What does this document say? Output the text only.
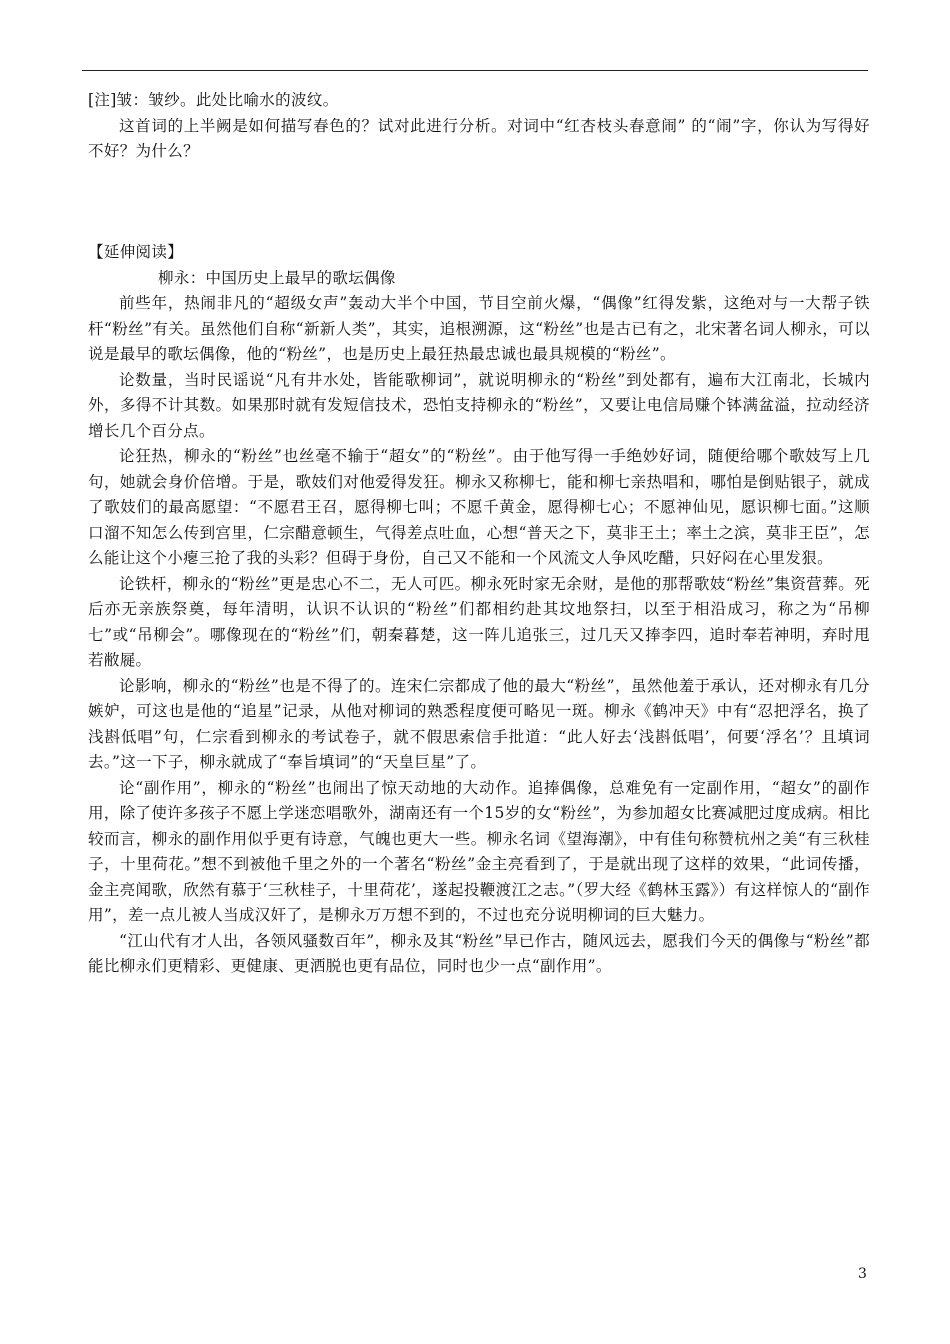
[注]皱：皱纱。此处比喻水的波纹。

这首词的上半阙是如何描写春色的？试对此进行分析。对词中“红杏枝头春意闹” 的“闹”字，你认为写得好不好？为什么？

【延伸阅读】

柳永：中国历史上最早的歌坛偶像

前些年，热闹非凡的“超级女声”轰动大半个中国，节目空前火爆，“偶像”红得发紫，这绝对与一大帮子铁杆“粉丝”有关。虽然他们自称“新新人类”，其实，追根溯源，这“粉丝”也是古已有之，北宋著名词人柳永，可以说是最早的歌坛偶像，他的“粉丝”，也是历史上最狂热最忠诚也最具规模的“粉丝”。

论数量，当时民谣说“凡有井水处，皆能歌柳词”，就说明柳永的“粉丝”到处都有，遍布大江南北，长城内外，多得不计其数。如果那时就有发短信技术，恐怕支持柳永的“粉丝”，又要让电信局赚个钵满盆溢，拉动经济增长几个百分点。

论狂热，柳永的“粉丝”也丝毫不输于“超女”的“粉丝”。由于他写得一手绝妙好词，随便给哪个歌妓写上几句，她就会身价倍增。于是，歌妓们对他爱得发狂。柳永又称柳七，能和柳七亲热唱和，哪怕是倒贴银子，就成了歌妓们的最高愿望：“不愿君王召，愿得柳七叫；不愿千黄金，愿得柳七心；不愿神仙见，愿识柳七面。”这顺口溜不知怎么传到宫里，仁宗醋意顿生，气得差点吐血，心想“普天之下，莫非王土；率土之滨，莫非王臣”，怎么能让这个小瘪三抢了我的头彩？但碍于身份，自己又不能和一个风流文人争风吃醋，只好闷在心里发狠。

论铁杆，柳永的“粉丝”更是忠心不二，无人可匹。柳永死时家无余财，是他的那帮歌妓“粉丝”集资营葬。死后亦无亲族祭奠，每年清明，认识不认识的“粉丝”们都相约赴其坟地祭扫，以至于相沿成习，称之为“吊柳七”或“吊柳会”。哪像现在的“粉丝”们，朝秦暮楚，这一阵儿追张三，过几天又捧李四，追时奉若神明，弃时甩若敝屣。

论影响，柳永的“粉丝”也是不得了的。连宋仁宗都成了他的最大“粉丝”，虽然他羞于承认，还对柳永有几分嫉妒，可这也是他的“追星”记录，从他对柳词的熟悉程度便可略见一斑。柳永《鹤冲天》中有“忍把浮名，换了浅斟低唱”句，仁宗看到柳永的考试卷子，就不假思索信手批道：“此人好去‘浅斟低唱’，何要‘浮名’？且填词去。”这一下子，柳永就成了“奉旨填词”的“天皇巨星”了。

论“副作用”，柳永的“粉丝”也闹出了惊天动地的大动作。追捧偶像，总难免有一定副作用，“超女”的副作用，除了使许多孩子不愿上学迷恋唱歌外，湖南还有一个15岁的女“粉丝”，为参加超女比赛减肥过度成病。相比较而言，柳永的副作用似乎更有诗意，气魄也更大一些。柳永名词《望海潮》，中有佳句称赞杭州之美“有三秋桂子，十里荷花。”想不到被他千里之外的一个著名“粉丝”金主亮看到了，于是就出现了这样的效果，“此词传播，金主亮闻歌，欣然有慕于‘三秋桂子，十里荷花’，遂起投鞭渡江之志。”（罗大经《鹤林玉露》）有这样惊人的“副作用”，差一点儿被人当成汉奸了，是柳永万万想不到的，不过也充分说明柳词的巨大魅力。

“江山代有才人出，各领风骚数百年”，柳永及其“粉丝”早已作古，随风远去，愿我们今天的偶像与“粉丝”都能比柳永们更精彩、更健康、更洒脱也更有品位，同时也少一点“副作用”。

3
